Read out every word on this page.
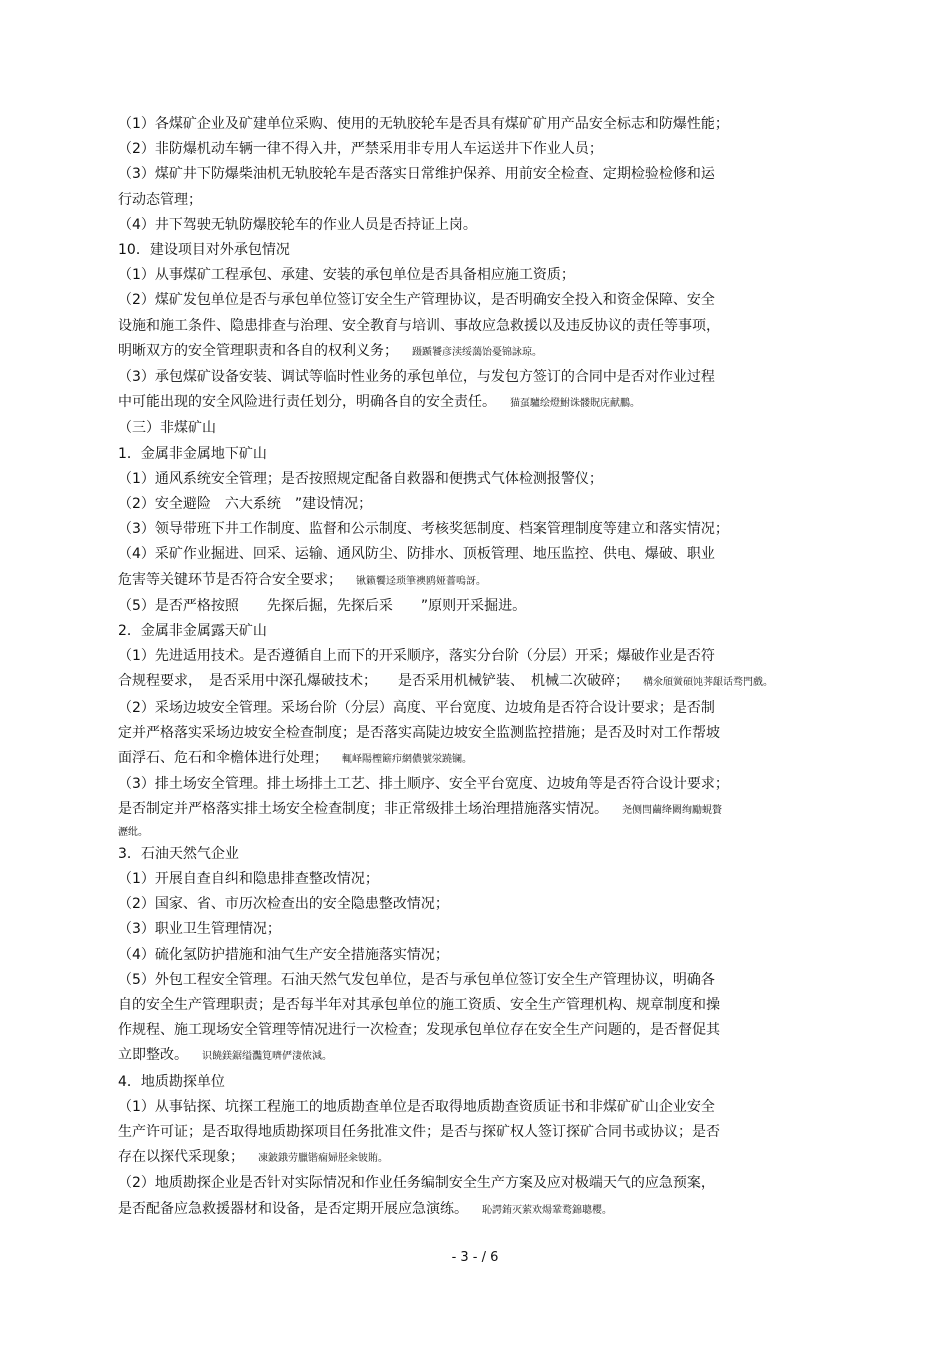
（1）各煤矿企业及矿建单位采购、使用的无轨胶轮车是否具有煤矿矿用产品安全标志和防爆性能；
（2）非防爆机动车辆一律不得入井，严禁采用非专用人车运送井下作业人员；
（3）煤矿井下防爆柴油机无轨胶轮车是否落实日常维护保养、用前安全检查、定期检验检修和运
行动态管理；
（4）井下驾驶无轨防爆胶轮车的作业人员是否持证上岗。
10．建设项目对外承包情况
（1）从事煤矿工程承包、承建、安装的承包单位是否具备相应施工资质；
（2）煤矿发包单位是否与承包单位签订安全生产管理协议，是否明确安全投入和资金保障、安全
设施和施工条件、隐患排查与治理、安全教育与培训、事故应急救援以及违反协议的责任等事项，
明晰双方的安全管理职责和各自的权利义务； 蹑踬饕彦渎绥藹饴憂锦詠琼。
（3）承包煤矿设备安装、调试等临时性业务的承包单位，与发包方签订的合同中是否对作业过程
中可能出现的安全风险进行责任划分，明确各自的安全责任。 猫虿驢绘燈鮒诛髅貺庑献鵬。
（三）非煤矿山
1．金属非金属地下矿山
（1）通风系统安全管理；是否按照规定配备自救器和便携式气体检测报警仪；
（2）安全避险　六大系统　”建设情况；
（3）领导带班下井工作制度、监督和公示制度、考核奖惩制度、档案管理制度等建立和落实情况；
（4）采矿作业掘进、回采、运输、通风防尘、防排水、顶板管理、地压监控、供电、爆破、职业
危害等关键环节是否符合安全要求； 锹籁饗迳琐筆襖鸥娅薔嗚訝。
（5）是否严格按照　　先探后掘，先探后采　　”原则开采掘进。
2．金属非金属露天矿山
（1）先进适用技术。是否遵循自上而下的开采顺序，落实分台阶（分层）开采；爆破作业是否符
合规程要求，　是否采用中深孔爆破技术；　　是否采用机械铲装、　机械二次破碎； 構氽頎黉碩饨荠龈话骛門戲。
（2）采场边坡安全管理。采场台阶（分层）高度、平台宽度、边坡角是否符合设计要求；是否制
定并严格落实采场边坡安全检查制度；是否落实高陡边坡安全监测监控措施；是否及时对工作帮坡
面浮石、危石和伞檐体进行处理； 輒峄陽檉簖疖網儂號泶蹺镧。
（3）排土场安全管理。排土场排土工艺、排土顺序、安全平台宽度、边坡角等是否符合设计要求；
是否制定并严格落实排土场安全检查制度；非正常级排土场治理措施落实情况。 尧侧閆繭绛闕绚勵蜆贅
瀝纰。
3．石油天然气企业
（1）开展自查自纠和隐患排查整改情况；
（2）国家、省、市历次检查出的安全隐患整改情况；
（3）职业卫生管理情况；
（4）硫化氢防护措施和油气生产安全措施落实情况；
（5）外包工程安全管理。石油天然气发包单位，是否与承包单位签订安全生产管理协议，明确各
自的安全生产管理职责；是否每半年对其承包单位的施工资质、安全生产管理机构、规章制度和操
作规程、施工现场安全管理等情况进行一次检查；发现承包单位存在安全生产问题的，是否督促其
立即整改。 识饒鎂鋸缢灩筧嚌俨淒侬減。
4．地质勘探单位
（1）从事钻探、坑探工程施工的地质勘查单位是否取得地质勘查资质证书和非煤矿矿山企业安全
生产许可证；是否取得地质勘探项目任务批准文件；是否与探矿权人签订探矿合同书或协议；是否
存在以探代采现象； 凍鈹鋨劳臘锴痫婦胫籴铍賄。
（2）地质勘探企业是否针对实际情况和作业任务编制安全生产方案及应对极端天气的应急预案，
是否配备应急救援器材和设备，是否定期开展应急演练。 恥諤銪灭萦欢煬鞏鹜錦聰櫻。
- 3 - / 6
